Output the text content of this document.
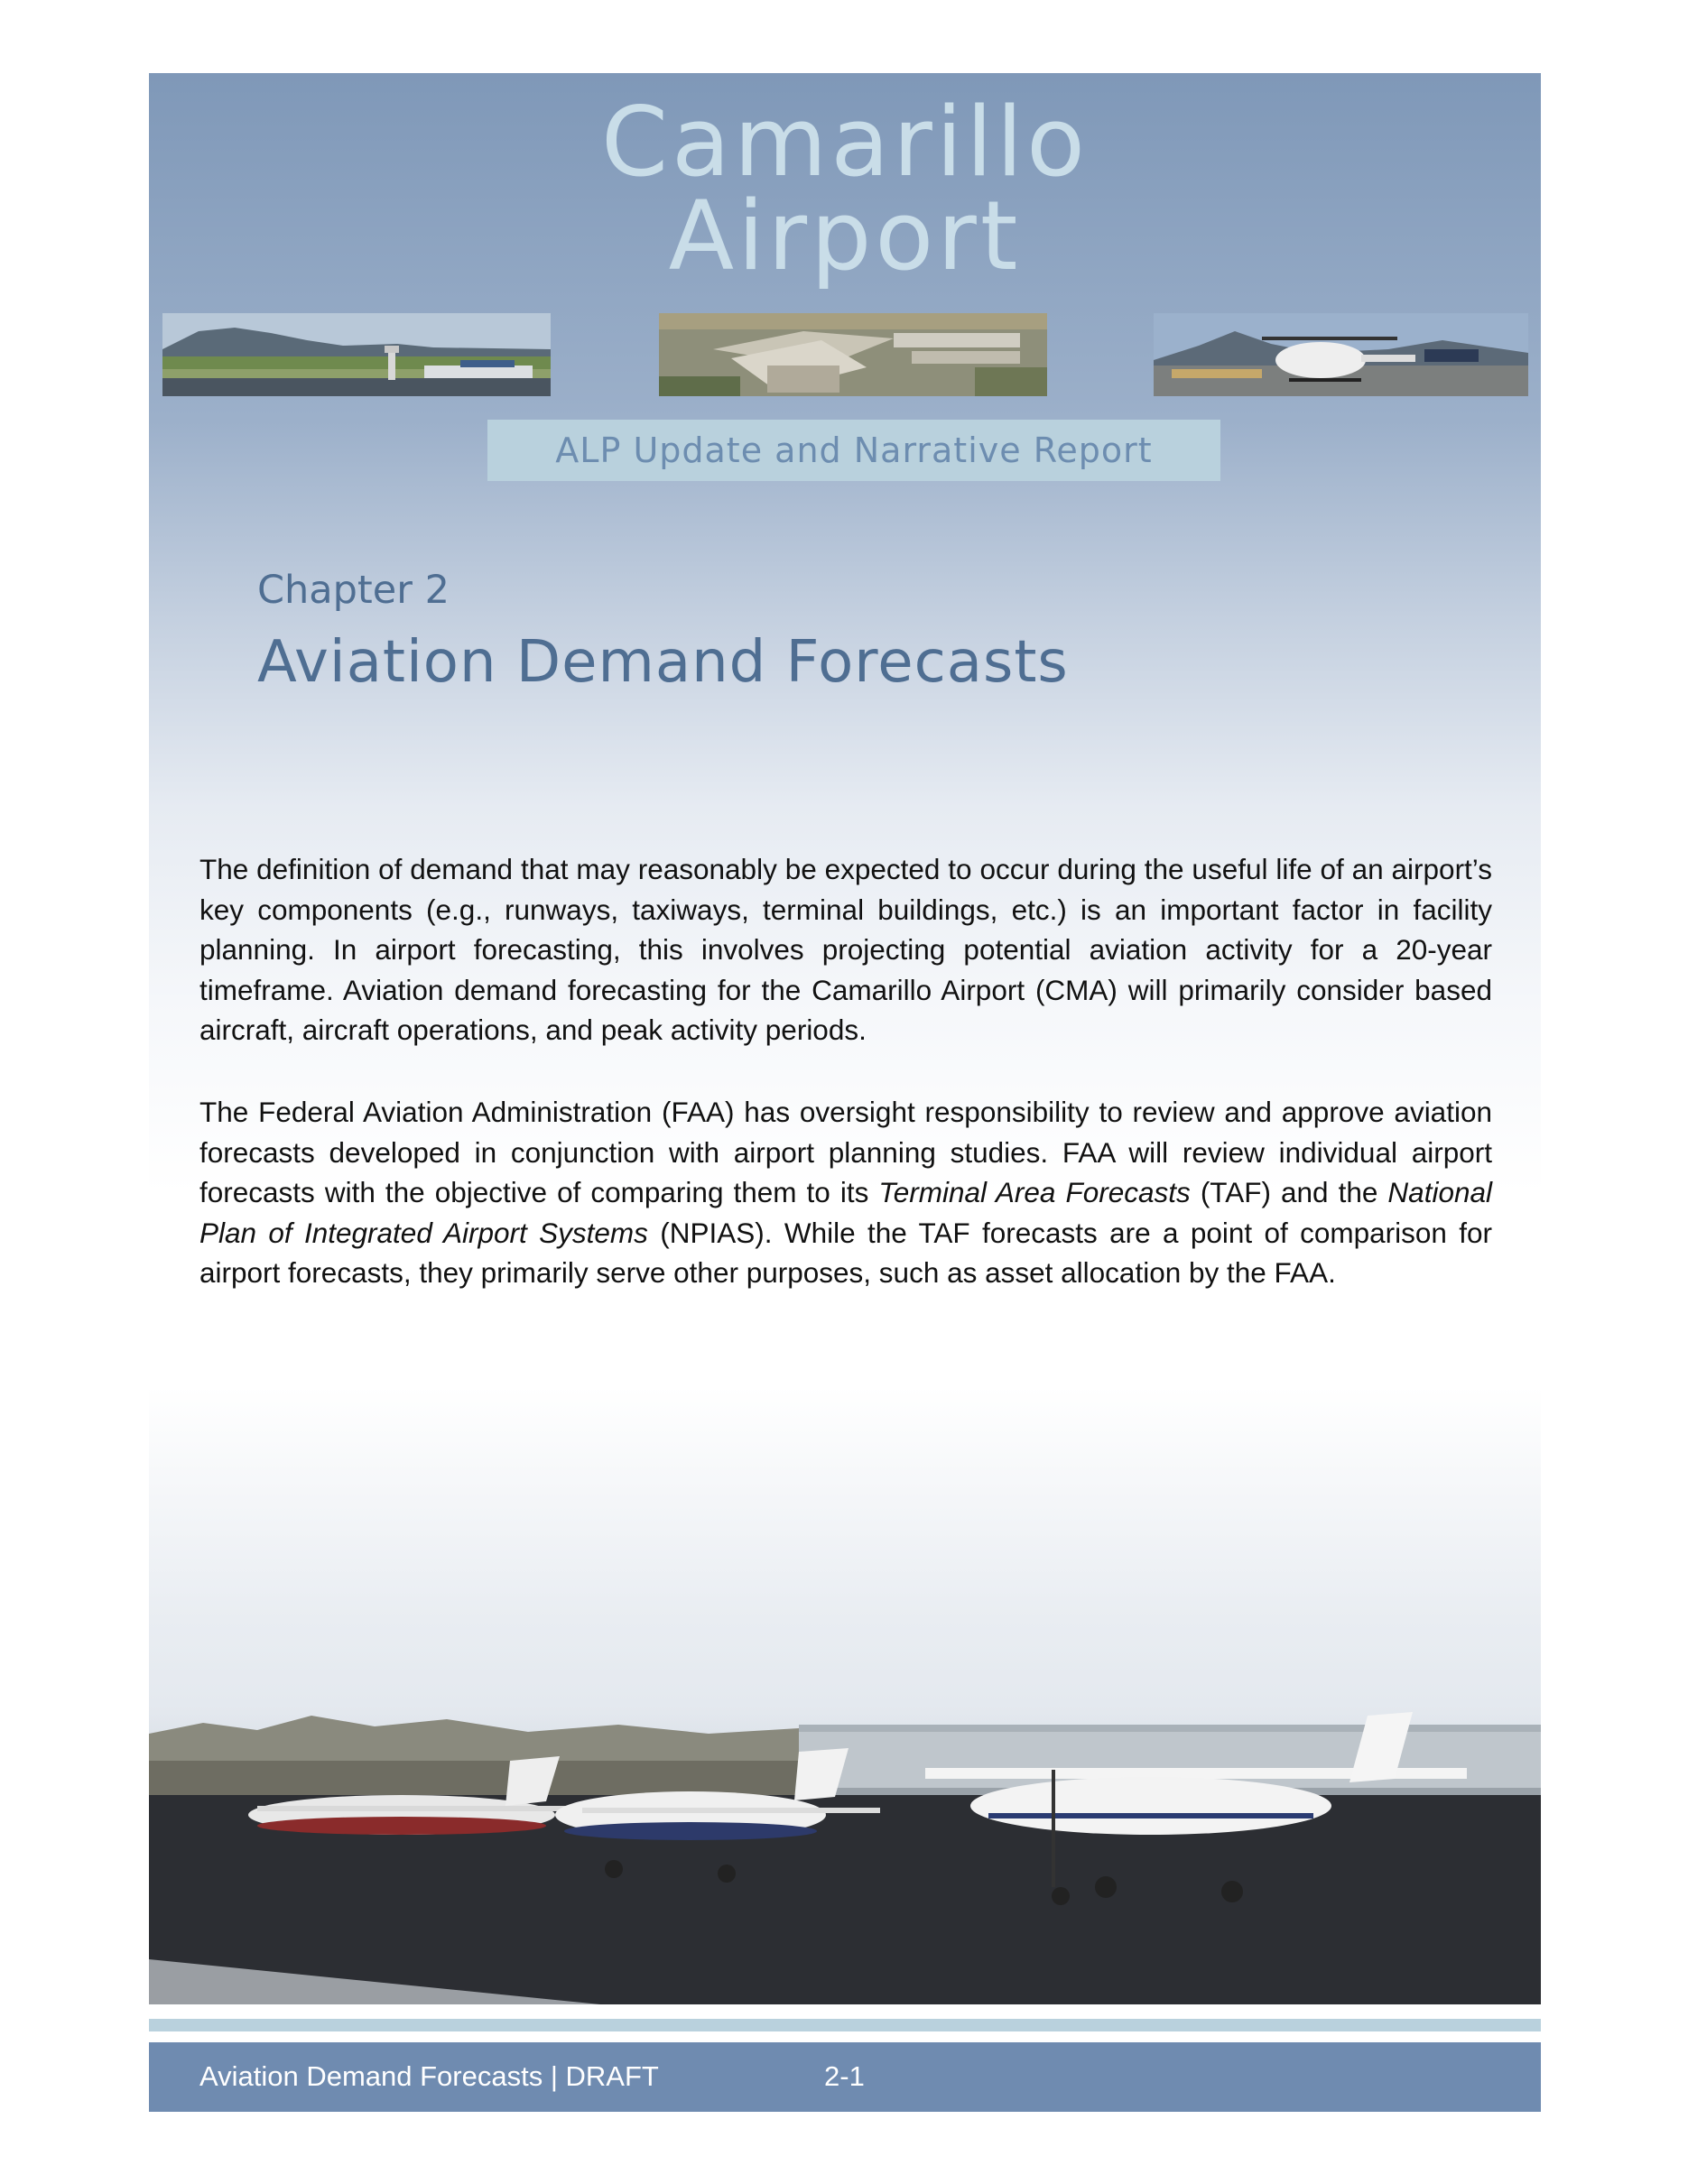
Camarillo
Airport
ALP Update and Narrative Report
Chapter 2
Aviation Demand Forecasts

The definition of demand that may reasonably be expected to occur during the useful life of an airport’s key components (e.g., runways, taxiways, terminal buildings, etc.) is an important factor in facility planning. In airport forecasting, this involves projecting potential aviation activity for a 20-year timeframe. Aviation demand forecasting for the Camarillo Airport (CMA) will primarily consider based aircraft, aircraft operations, and peak activity periods.

The Federal Aviation Administration (FAA) has oversight responsibility to review and approve aviation forecasts developed in conjunction with airport planning studies. FAA will review individual airport forecasts with the objective of comparing them to its Terminal Area Forecasts (TAF) and the National Plan of Integrated Airport Systems (NPIAS). While the TAF forecasts are a point of comparison for airport forecasts, they primarily serve other purposes, such as asset allocation by the FAA.

Aviation Demand Forecasts | DRAFT	2-1
